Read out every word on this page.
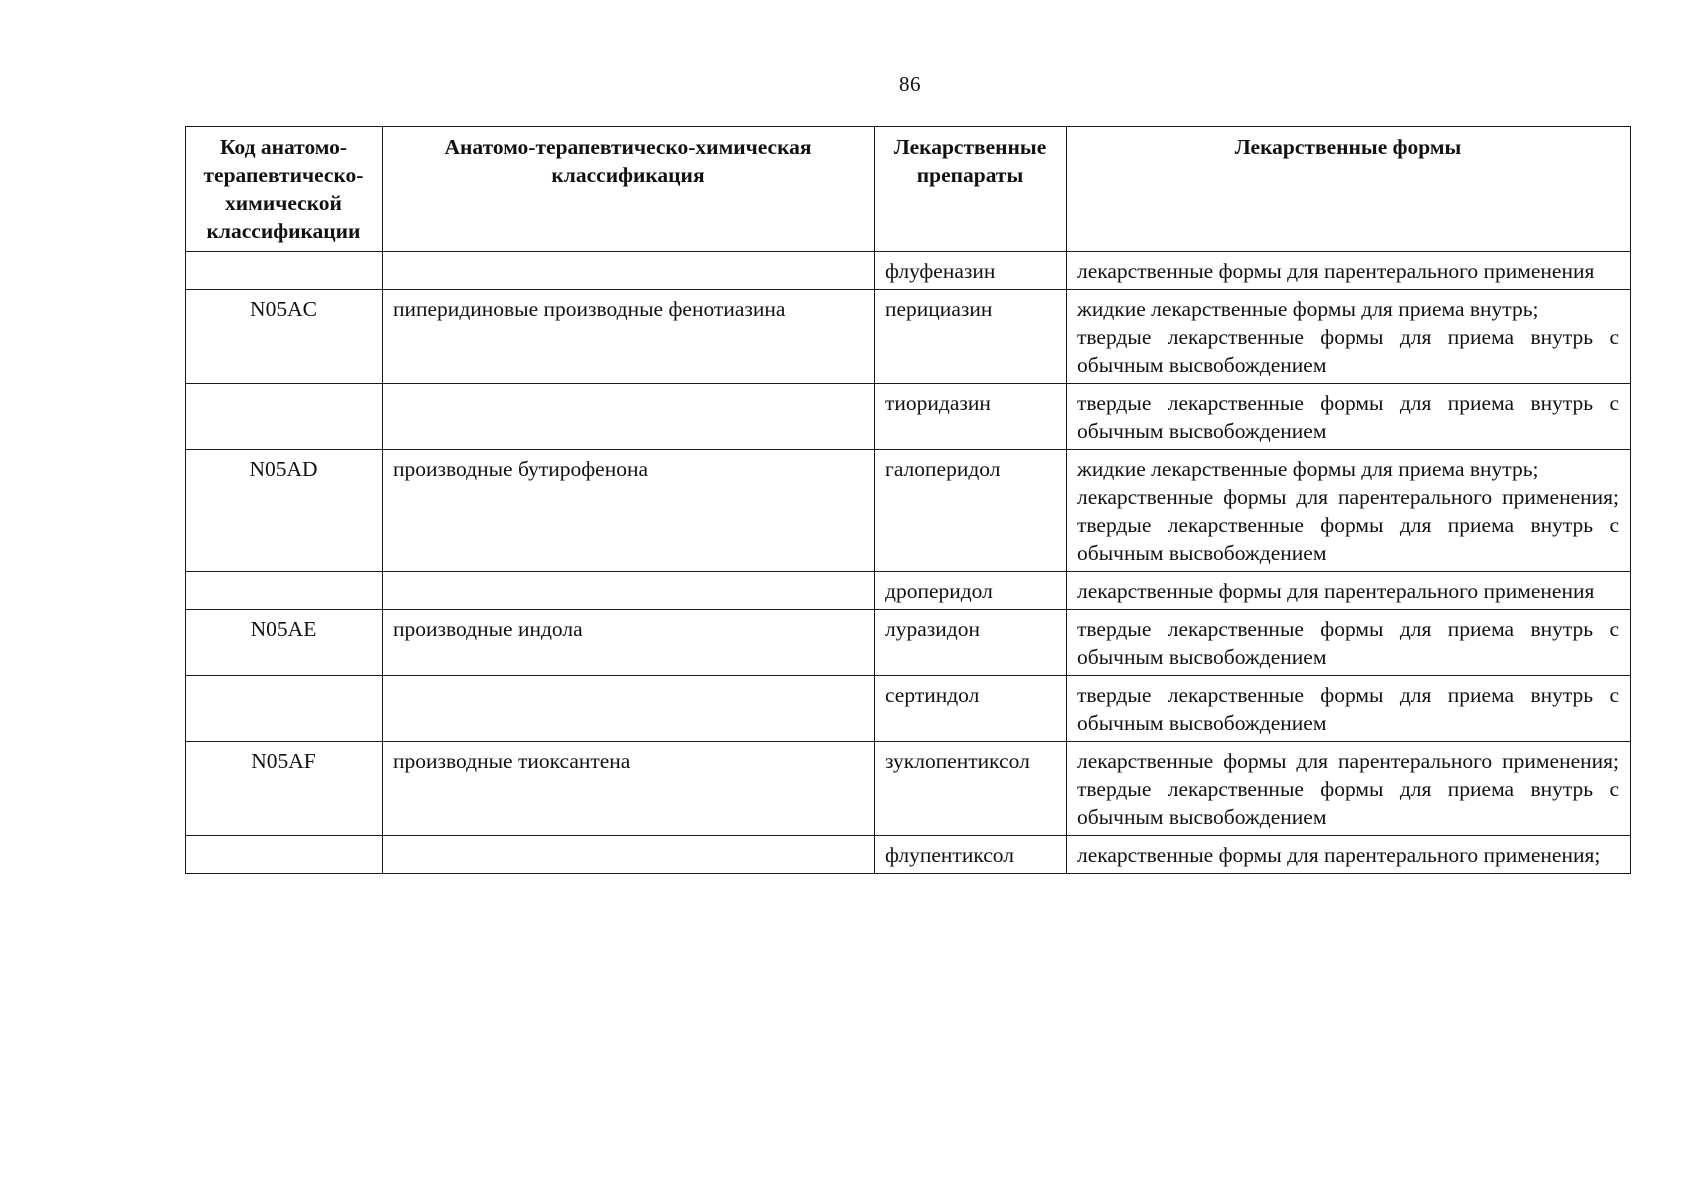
86
Код анатомо-терапевтическо-химической классификации	Анатомо-терапевтическо-химическая классификация	Лекарственные препараты	Лекарственные формы
		флуфеназин	лекарственные формы для парентерального применения

N05AC	пиперидиновые производные фенотиазина	перициазин	жидкие лекарственные формы для приема внутрь;
твердые лекарственные формы для приема внутрь с обычным высвобождением

		тиоридазин	твердые лекарственные формы для приема внутрь с обычным высвобождением

N05AD	производные бутирофенона	галоперидол	жидкие лекарственные формы для приема внутрь;
лекарственные формы для парентерального применения; твердые лекарственные формы для приема внутрь с обычным высвобождением

		дроперидол	лекарственные формы для парентерального применения

N05AE	производные индола	луразидон	твердые лекарственные формы для приема внутрь с обычным высвобождением

		сертиндол	твердые лекарственные формы для приема внутрь с обычным высвобождением

N05AF	производные тиоксантена	зуклопентиксол	лекарственные формы для парентерального применения; твердые лекарственные формы для приема внутрь с обычным высвобождением

		флупентиксол	лекарственные формы для парентерального применения;
